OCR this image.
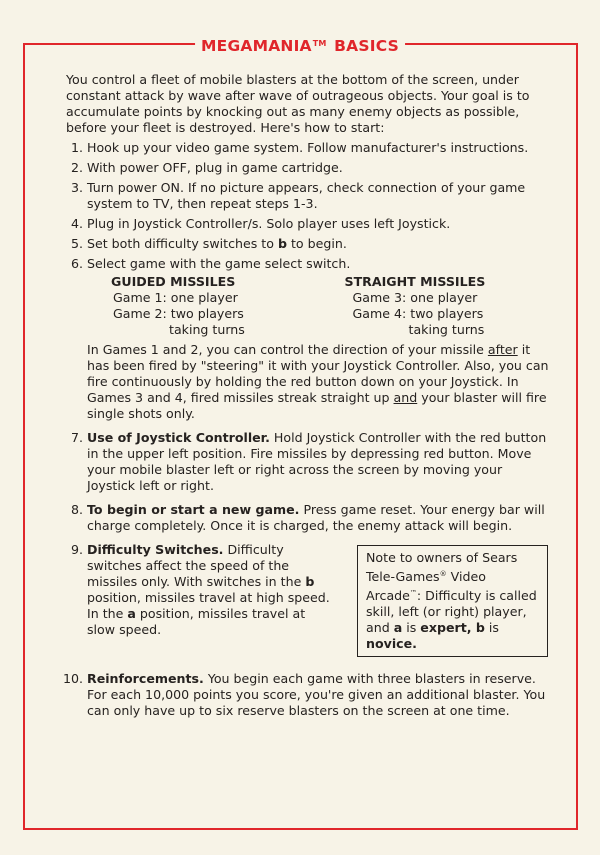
MEGAMANIA™ BASICS

You control a fleet of mobile blasters at the bottom of the screen, under constant attack by wave after wave of outrageous objects. Your goal is to accumulate points by knocking out as many enemy objects as possible, before your fleet is destroyed. Here's how to start:

1. Hook up your video game system. Follow manufacturer's instructions.
2. With power OFF, plug in game cartridge.
3. Turn power ON. If no picture appears, check connection of your game system to TV, then repeat steps 1-3.
4. Plug in Joystick Controller/s. Solo player uses left Joystick.
5. Set both difficulty switches to b to begin.
6. Select game with the game select switch.
GUIDED MISSILES
Game 1: one player
Game 2: two players
taking turns
STRAIGHT MISSILES
Game 3: one player
Game 4: two players
taking turns

In Games 1 and 2, you can control the direction of your missile after it has been fired by "steering" it with your Joystick Controller. Also, you can fire continuously by holding the red button down on your Joystick. In Games 3 and 4, fired missiles streak straight up and your blaster will fire single shots only.

7. Use of Joystick Controller. Hold Joystick Controller with the red button in the upper left position. Fire missiles by depressing red button. Move your mobile blaster left or right across the screen by moving your Joystick left or right.
8. To begin or start a new game. Press game reset. Your energy bar will charge completely. Once it is charged, the enemy attack will begin.
9. Difficulty Switches. Difficulty switches affect the speed of the missiles only. With switches in the b position, missiles travel at high speed. In the a position, missiles travel at slow speed.
Note to owners of Sears Tele-Games® Video Arcade™: Difficulty is called skill, left (or right) player, and a is expert, b is novice.
10. Reinforcements. You begin each game with three blasters in reserve. For each 10,000 points you score, you're given an additional blaster. You can only have up to six reserve blasters on the screen at one time.
